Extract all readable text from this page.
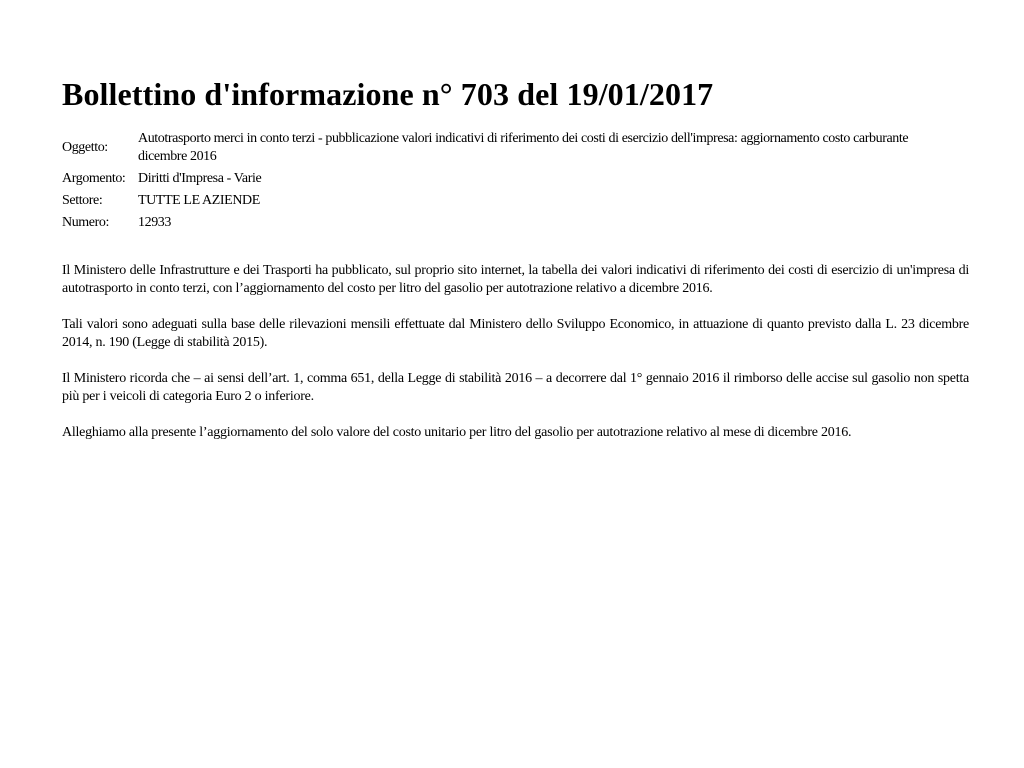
Bollettino d'informazione n° 703 del 19/01/2017
Oggetto:	Autotrasporto merci in conto terzi - pubblicazione valori indicativi di riferimento dei costi di esercizio dell'impresa: aggiornamento costo carburante dicembre 2016
Argomento:	Diritti d'Impresa - Varie
Settore:	TUTTE LE AZIENDE
Numero:	12933

Il Ministero delle Infrastrutture e dei Trasporti ha pubblicato, sul proprio sito internet, la tabella dei valori indicativi di riferimento dei costi di esercizio di un'impresa di autotrasporto in conto terzi, con l’aggiornamento del costo per litro del gasolio per autotrazione relativo a dicembre 2016.

Tali valori sono adeguati sulla base delle rilevazioni mensili effettuate dal Ministero dello Sviluppo Economico, in attuazione di quanto previsto dalla L. 23 dicembre 2014, n. 190 (Legge di stabilità 2015).

Il Ministero ricorda che – ai sensi dell’art. 1, comma 651, della Legge di stabilità 2016 – a decorrere dal 1° gennaio 2016 il rimborso delle accise sul gasolio non spetta più per i veicoli di categoria Euro 2 o inferiore.

Alleghiamo alla presente l’aggiornamento del solo valore del costo unitario per litro del gasolio per autotrazione relativo al mese di dicembre 2016.
